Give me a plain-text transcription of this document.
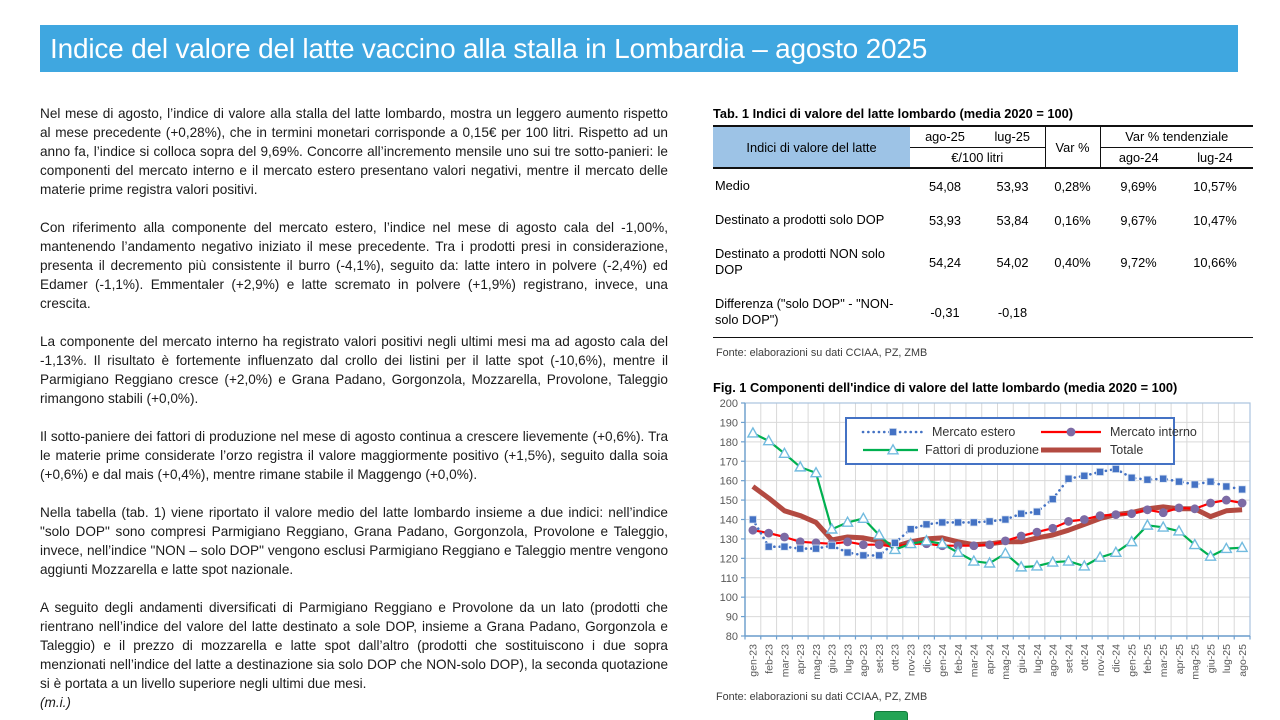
Indice del valore del latte vaccino alla stalla in Lombardia – agosto 2025

Nel mese di agosto, l’indice di valore alla stalla del latte lombardo, mostra un leggero aumento rispetto al mese precedente (+0,28%), che in termini monetari corrisponde a 0,15€ per 100 litri. Rispetto ad un anno fa, l’indice si colloca sopra del 9,69%. Concorre all’incremento mensile uno sui tre sotto-panieri: le componenti del mercato interno e il mercato estero presentano valori negativi, mentre il mercato delle materie prime registra valori positivi.

Con riferimento alla componente del mercato estero, l’indice nel mese di agosto cala del -1,00%, mantenendo l’andamento negativo iniziato il mese precedente. Tra i prodotti presi in considerazione, presenta il decremento più consistente il burro (-4,1%), seguito da: latte intero in polvere (-2,4%) ed Edamer (-1,1%). Emmentaler (+2,9%) e latte scremato in polvere (+1,9%) registrano, invece, una crescita.

La componente del mercato interno ha registrato valori positivi negli ultimi mesi ma ad agosto cala del -1,13%. Il risultato è fortemente influenzato dal crollo dei listini per il latte spot (-10,6%), mentre il Parmigiano Reggiano cresce (+2,0%) e Grana Padano, Gorgonzola, Mozzarella, Provolone, Taleggio rimangono stabili (+0,0%).

Il sotto-paniere dei fattori di produzione nel mese di agosto continua a crescere lievemente (+0,6%). Tra le materie prime considerate l’orzo registra il valore maggiormente positivo (+1,5%), seguito dalla soia (+0,6%) e dal mais (+0,4%), mentre rimane stabile il Maggengo (+0,0%).

Nella tabella (tab. 1) viene riportato il valore medio del latte lombardo insieme a due indici: nell’indice "solo DOP" sono compresi Parmigiano Reggiano, Grana Padano, Gorgonzola, Provolone e Taleggio, invece, nell’indice "NON – solo DOP" vengono esclusi Parmigiano Reggiano e Taleggio mentre vengono aggiunti Mozzarella e latte spot nazionale.

A seguito degli andamenti diversificati di Parmigiano Reggiano e Provolone da un lato (prodotti che rientrano nell’indice del valore del latte destinato a sole DOP, insieme a Grana Padano, Gorgonzola e Taleggio) e il prezzo di mozzarella e latte spot dall’altro (prodotti che sostituiscono i due sopra menzionati nell’indice del latte a destinazione sia solo DOP che NON-solo DOP), la seconda quotazione si è portata a un livello superiore negli ultimi due mesi.

(m.i.)

Tab. 1 Indici di valore del latte lombardo (media 2020 = 100)
Indici di valore del latte	ago-25	lug-25	Var %	Var % tendenziale	
	€/100 litri			ago-24	lug-24
Medio	54,08	53,93	0,28%	9,69%	10,57%
Destinato a prodotti solo DOP	53,93	53,84	0,16%	9,67%	10,47%
Destinato a prodotti NON solo DOP	54,24	54,02	0,40%	9,72%	10,66%
Differenza ("solo DOP" - "NON-solo DOP")	-0,31	-0,18			
Fonte: elaborazioni su dati CCIAA, PZ, ZMB
Fig. 1 Componenti dell'indice di valore del latte lombardo (media 2020 = 100)
80
90
100
110
120
130
140
150
160
170
180
190
200
gen-23 feb-23 mar-23 apr-23 mag-23 giu-23 lug-23 ago-23 set-23 ott-23 nov-23 dic-23 gen-24 feb-24 mar-24 apr-24 mag-24 giu-24 lug-24 ago-24 set-24 ott-24 nov-24 dic-24 gen-25 feb-25 mar-25 apr-25 mag-25 giu-25 lug-25 ago-25
Mercato estero	Mercato interno
Fattori di produzione	Totale
Fonte: elaborazioni su dati CCIAA, PZ, ZMB
